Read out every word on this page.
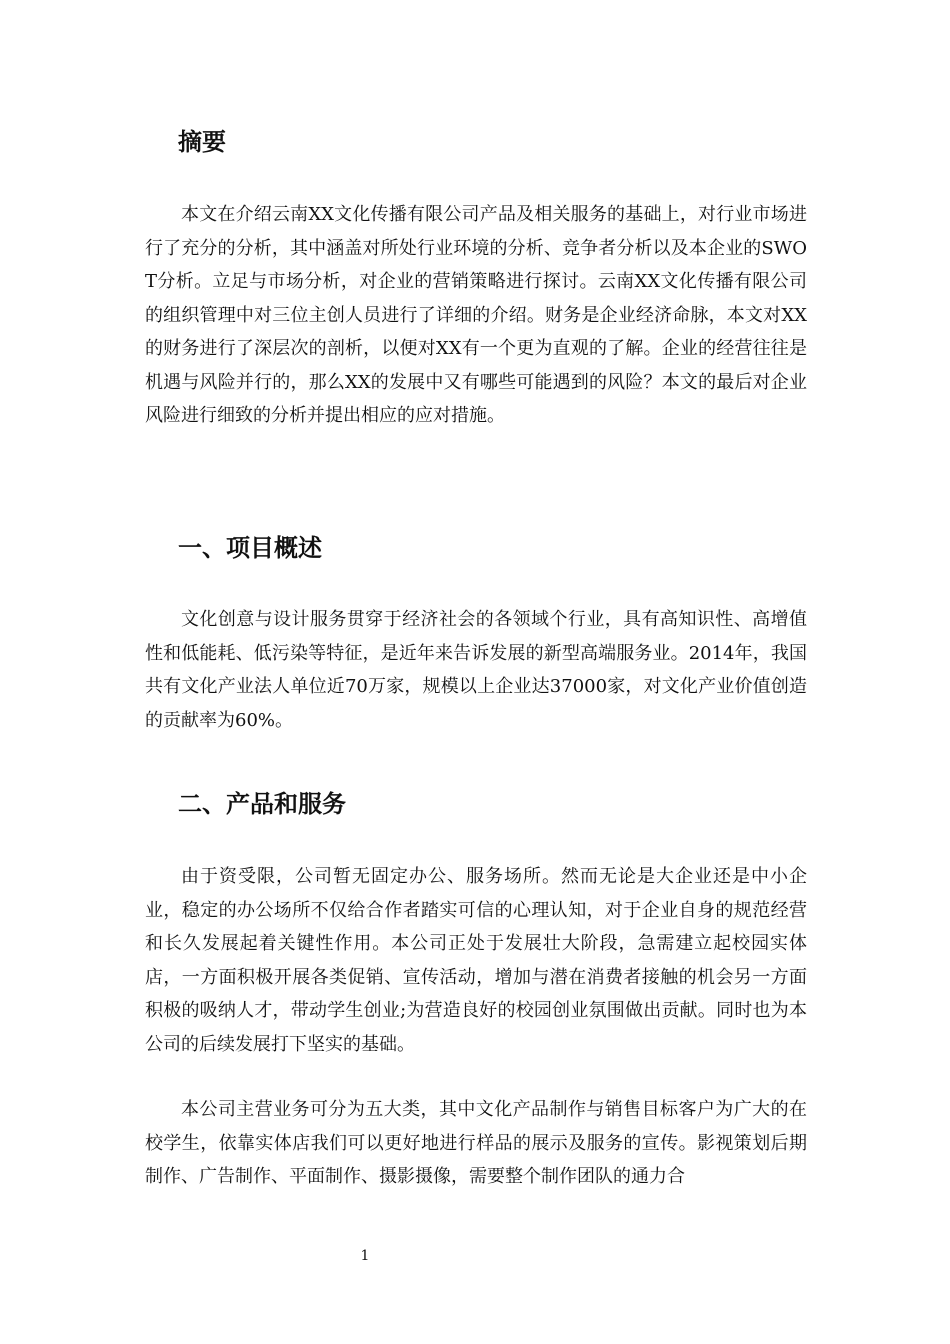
摘要

本文在介绍云南XX文化传播有限公司产品及相关服务的基础上，对行业市场进行了充分的分析，其中涵盖对所处行业环境的分析、竞争者分析以及本企业的SWOT分析。立足与市场分析，对企业的营销策略进行探讨。云南XX文化传播有限公司的组织管理中对三位主创人员进行了详细的介绍。财务是企业经济命脉，本文对XX的财务进行了深层次的剖析，以便对XX有一个更为直观的了解。企业的经营往往是机遇与风险并行的，那么XX的发展中又有哪些可能遇到的风险？本文的最后对企业风险进行细致的分析并提出相应的应对措施。

一、项目概述

文化创意与设计服务贯穿于经济社会的各领域个行业，具有高知识性、高增值性和低能耗、低污染等特征，是近年来告诉发展的新型高端服务业。2014年，我国共有文化产业法人单位近70万家，规模以上企业达37000家，对文化产业价值创造的贡献率为60%。

二、产品和服务

由于资受限，公司暂无固定办公、服务场所。然而无论是大企业还是中小企业，稳定的办公场所不仅给合作者踏实可信的心理认知，对于企业自身的规范经营和长久发展起着关键性作用。本公司正处于发展壮大阶段，急需建立起校园实体店，一方面积极开展各类促销、宣传活动，增加与潜在消费者接触的机会另一方面积极的吸纳人才，带动学生创业;为营造良好的校园创业氛围做出贡献。同时也为本公司的后续发展打下坚实的基础。

本公司主营业务可分为五大类，其中文化产品制作与销售目标客户为广大的在校学生，依靠实体店我们可以更好地进行样品的展示及服务的宣传。影视策划后期制作、广告制作、平面制作、摄影摄像，需要整个制作团队的通力合

1
